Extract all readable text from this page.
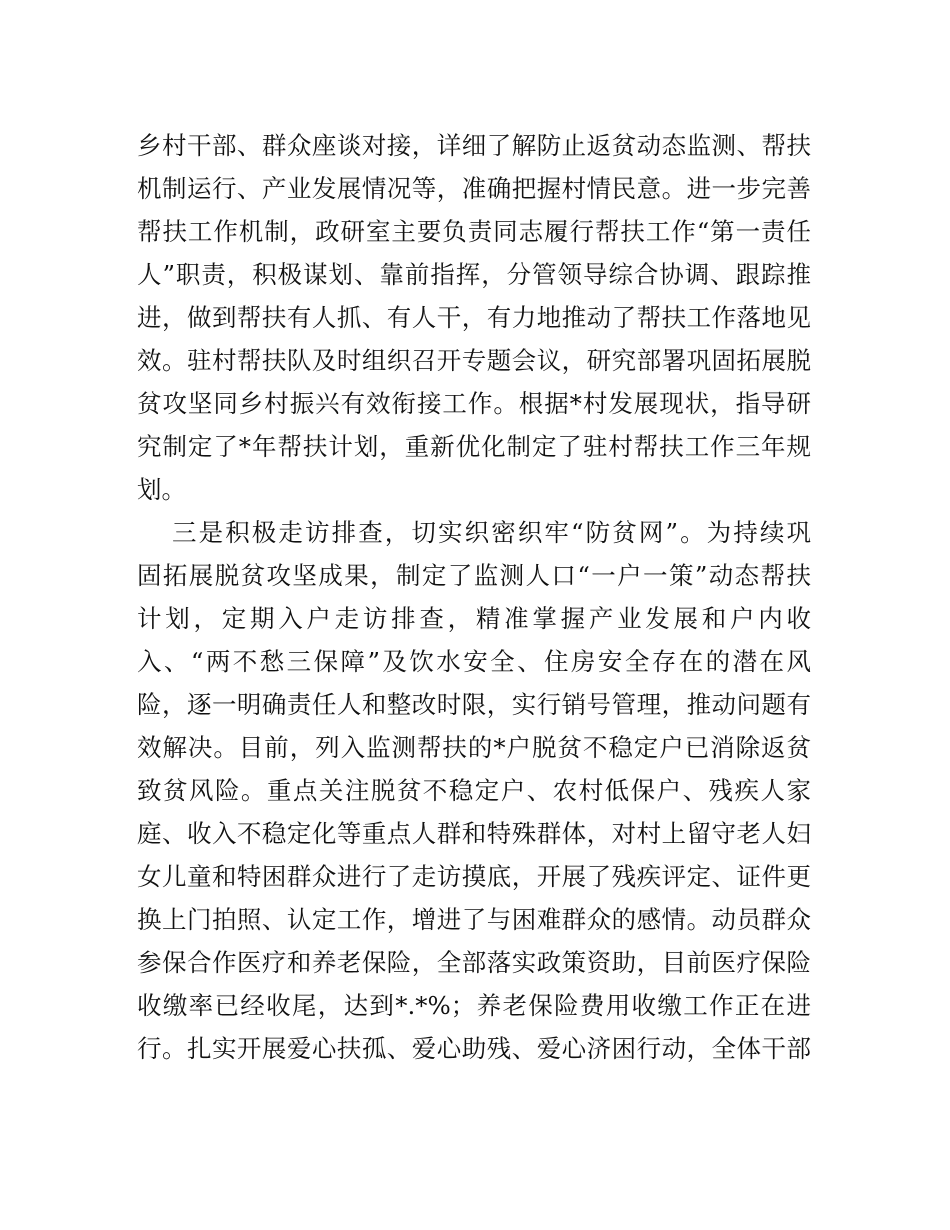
乡村干部、群众座谈对接，详细了解防止返贫动态监测、帮扶
机制运行、产业发展情况等，准确把握村情民意。进一步完善
帮扶工作机制，政研室主要负责同志履行帮扶工作“第一责任
人”职责，积极谋划、靠前指挥，分管领导综合协调、跟踪推
进，做到帮扶有人抓、有人干，有力地推动了帮扶工作落地见
效。驻村帮扶队及时组织召开专题会议，研究部署巩固拓展脱
贫攻坚同乡村振兴有效衔接工作。根据*村发展现状，指导研
究制定了*年帮扶计划，重新优化制定了驻村帮扶工作三年规
划。
三是积极走访排查，切实织密织牢“防贫网”。为持续巩
固拓展脱贫攻坚成果，制定了监测人口“一户一策”动态帮扶
计划，定期入户走访排查，精准掌握产业发展和户内收
入、“两不愁三保障”及饮水安全、住房安全存在的潜在风
险，逐一明确责任人和整改时限，实行销号管理，推动问题有
效解决。目前，列入监测帮扶的*户脱贫不稳定户已消除返贫
致贫风险。重点关注脱贫不稳定户、农村低保户、残疾人家
庭、收入不稳定化等重点人群和特殊群体，对村上留守老人妇
女儿童和特困群众进行了走访摸底，开展了残疾评定、证件更
换上门拍照、认定工作，增进了与困难群众的感情。动员群众
参保合作医疗和养老保险，全部落实政策资助，目前医疗保险
收缴率已经收尾，达到*.*%；养老保险费用收缴工作正在进
行。扎实开展爱心扶孤、爱心助残、爱心济困行动，全体干部
